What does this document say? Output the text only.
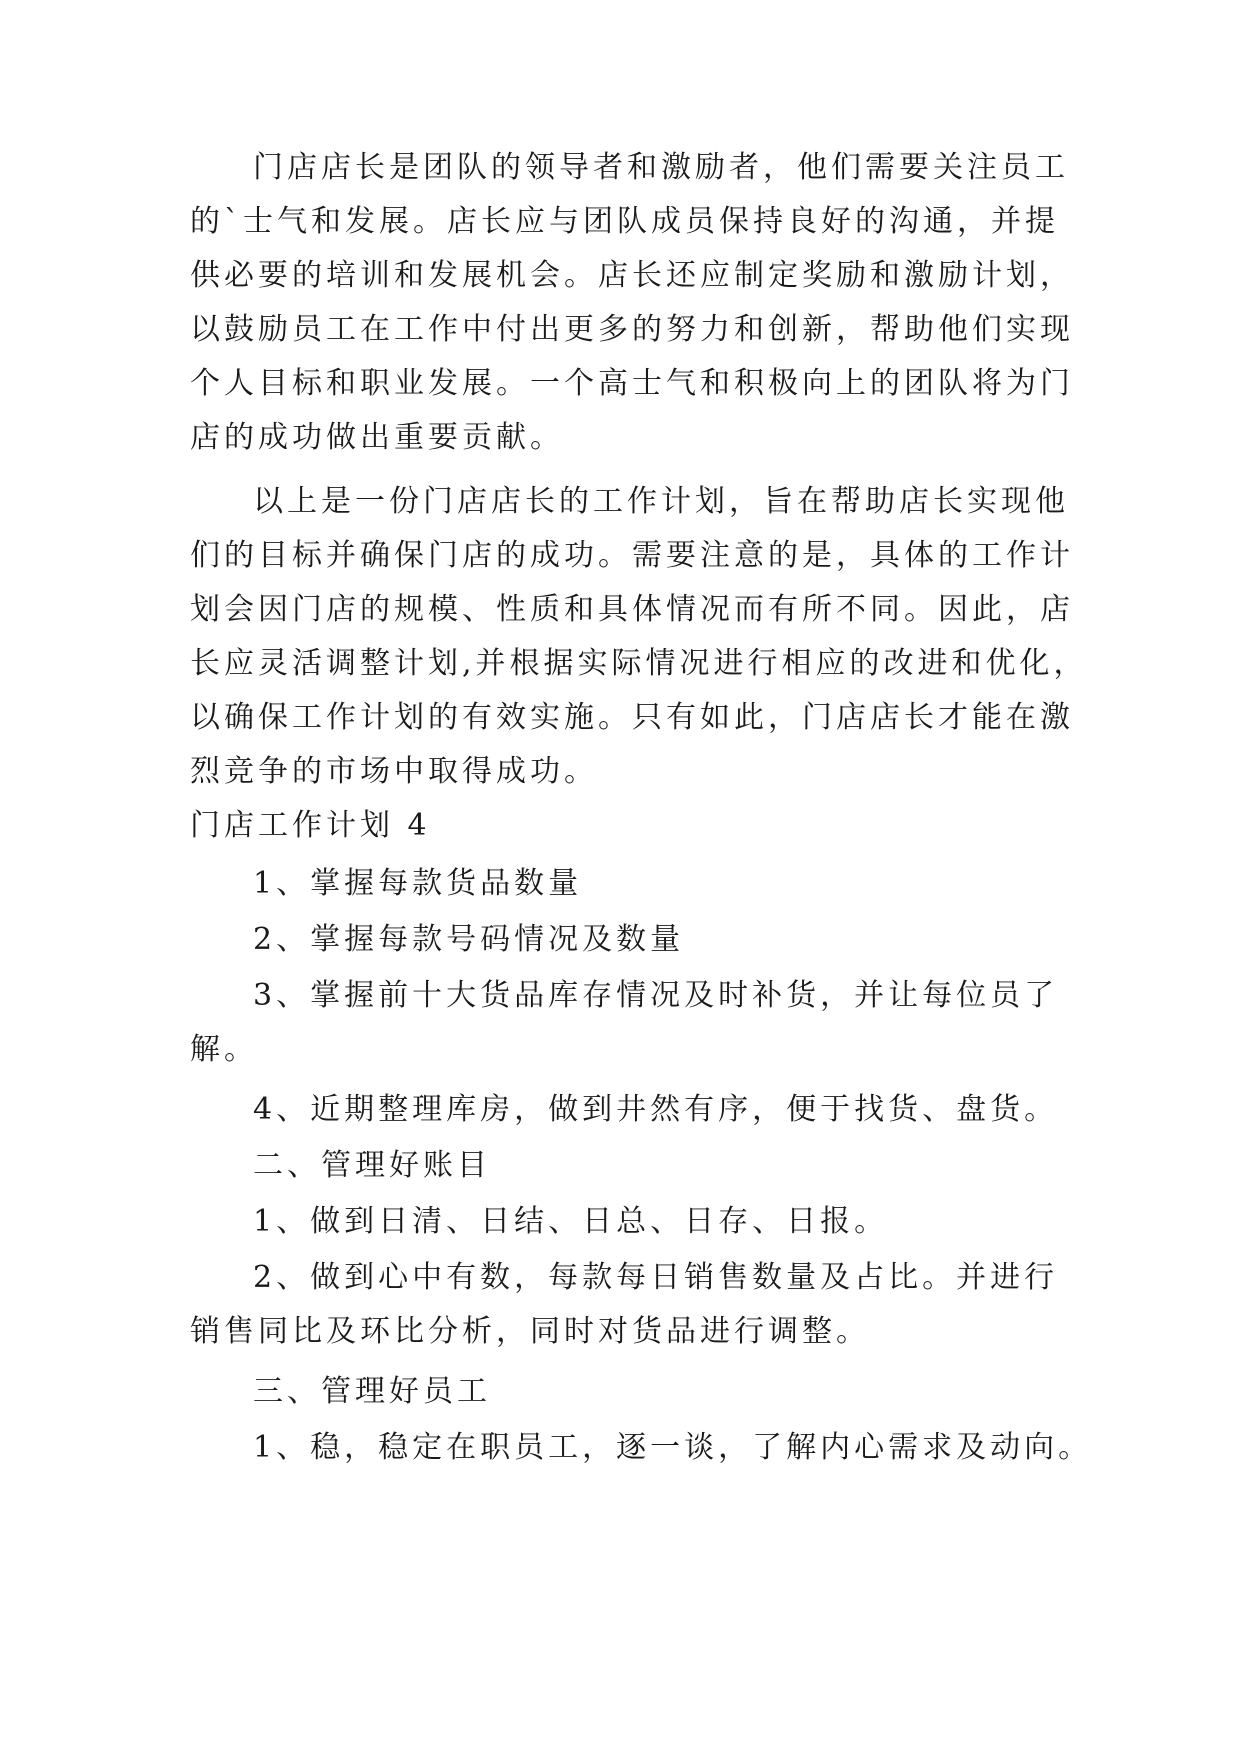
门店店长是团队的领导者和激励者，他们需要关注员工

的`士气和发展。店长应与团队成员保持良好的沟通，并提

供必要的培训和发展机会。店长还应制定奖励和激励计划，

以鼓励员工在工作中付出更多的努力和创新，帮助他们实现

个人目标和职业发展。一个高士气和积极向上的团队将为门

店的成功做出重要贡献。

以上是一份门店店长的工作计划，旨在帮助店长实现他

们的目标并确保门店的成功。需要注意的是，具体的工作计

划会因门店的规模、性质和具体情况而有所不同。因此，店

长应灵活调整计划,并根据实际情况进行相应的改进和优化，

以确保工作计划的有效实施。只有如此，门店店长才能在激

烈竞争的市场中取得成功。

门店工作计划 4

1、掌握每款货品数量

2、掌握每款号码情况及数量

3、掌握前十大货品库存情况及时补货，并让每位员了

解。

4、近期整理库房，做到井然有序，便于找货、盘货。

二、管理好账目

1、做到日清、日结、日总、日存、日报。

2、做到心中有数，每款每日销售数量及占比。并进行

销售同比及环比分析，同时对货品进行调整。

三、管理好员工

1、稳，稳定在职员工，逐一谈，了解内心需求及动向。
